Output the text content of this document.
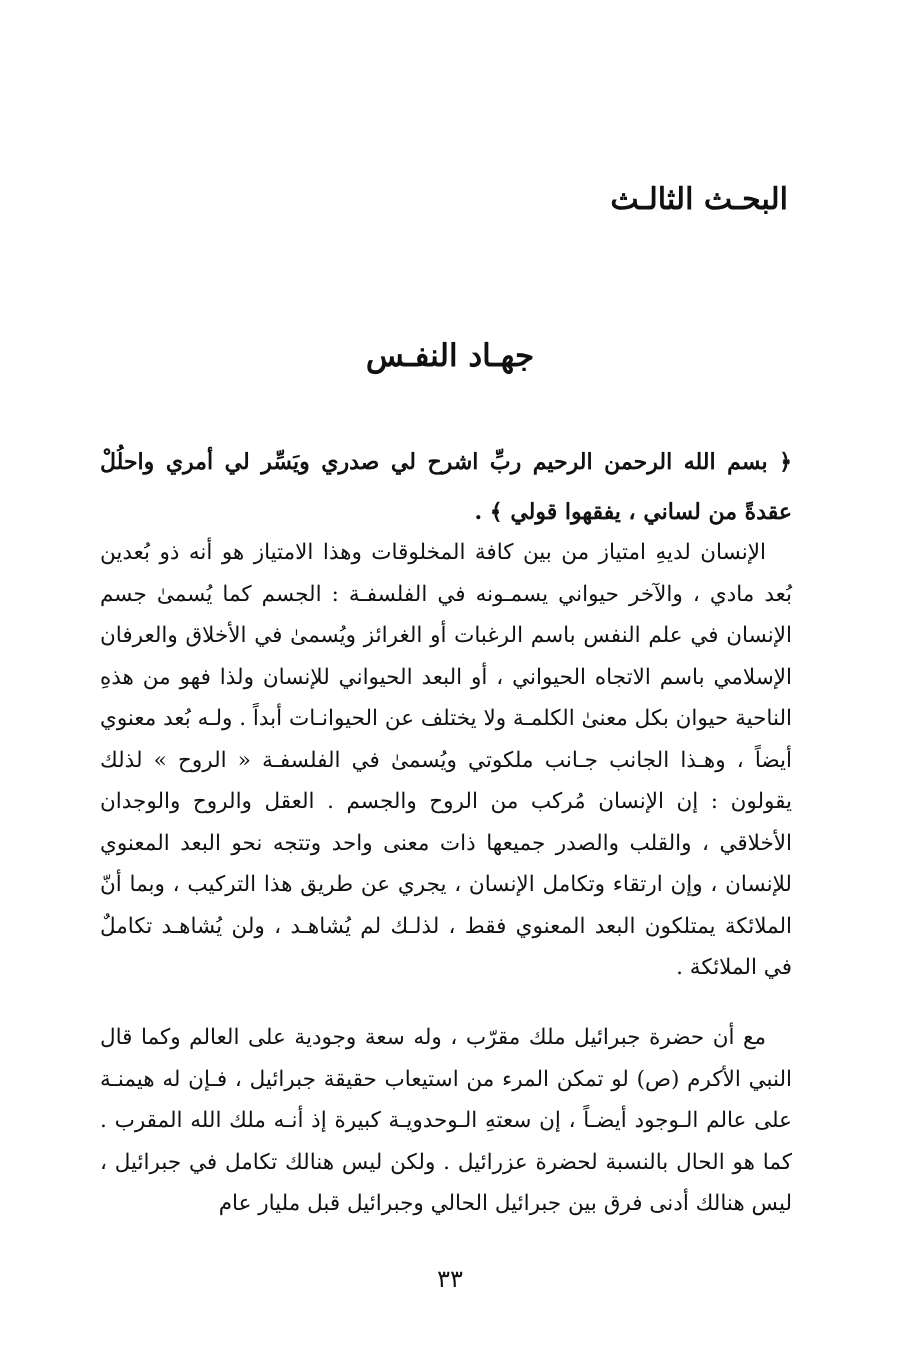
البحـث الثالـث
جهـاد النفـس

﴿ بسم الله الرحمن الرحيم ربِّ اشرح لي صدري ويَسِّر لي أمري واحلُلْ عقدةً من لساني ، يفقهوا قولي ﴾ .

الإنسان لديهِ امتياز من بين كافة المخلوقات وهذا الامتياز هو أنه ذو بُعدين بُعد مادي ، والآخر حيواني يسمـونه في الفلسفـة : الجسم كما يُسمىٰ جسم الإنسان في علم النفس باسم الرغبات أو الغرائز ويُسمىٰ في الأخلاق والعرفان الإسلامي باسم الاتجاه الحيواني ، أو البعد الحيواني للإنسان ولذا فهو من هذهِ الناحية حيوان بكل معنىٰ الكلمـة ولا يختلف عن الحيوانـات أبداً . ولـه بُعد معنوي أيضاً ، وهـذا الجانب جـانب ملكوتي ويُسمىٰ في الفلسفـة « الروح » لذلك يقولون : إن الإنسان مُركب من الروح والجسم . العقل والروح والوجدان الأخلاقي ، والقلب والصدر جميعها ذات معنى واحد وتتجه نحو البعد المعنوي للإنسان ، وإن ارتقاء وتكامل الإنسان ، يجري عن طريق هذا التركيب ، وبما أنّ الملائكة يمتلكون البعد المعنوي فقط ، لذلـك لم يُشاهـد ، ولن يُشاهـد تكاملٌ في الملائكة .

مع أن حضرة جبرائيل ملك مقرّب ، وله سعة وجودية على العالم وكما قال النبي الأكرم (ص) لو تمكن المرء من استيعاب حقيقة جبرائيل ، فـإن له هيمنـة على عالم الـوجود أيضـاً ، إن سعتهِ الـوحدويـة كبيرة إذ أنـه ملك الله المقرب . كما هو الحال بالنسبة لحضرة عزرائيل . ولكن ليس هنالك تكامل في جبرائيل ، ليس هنالك أدنى فرق بين جبرائيل الحالي وجبرائيل قبل مليار عام

٣٣
